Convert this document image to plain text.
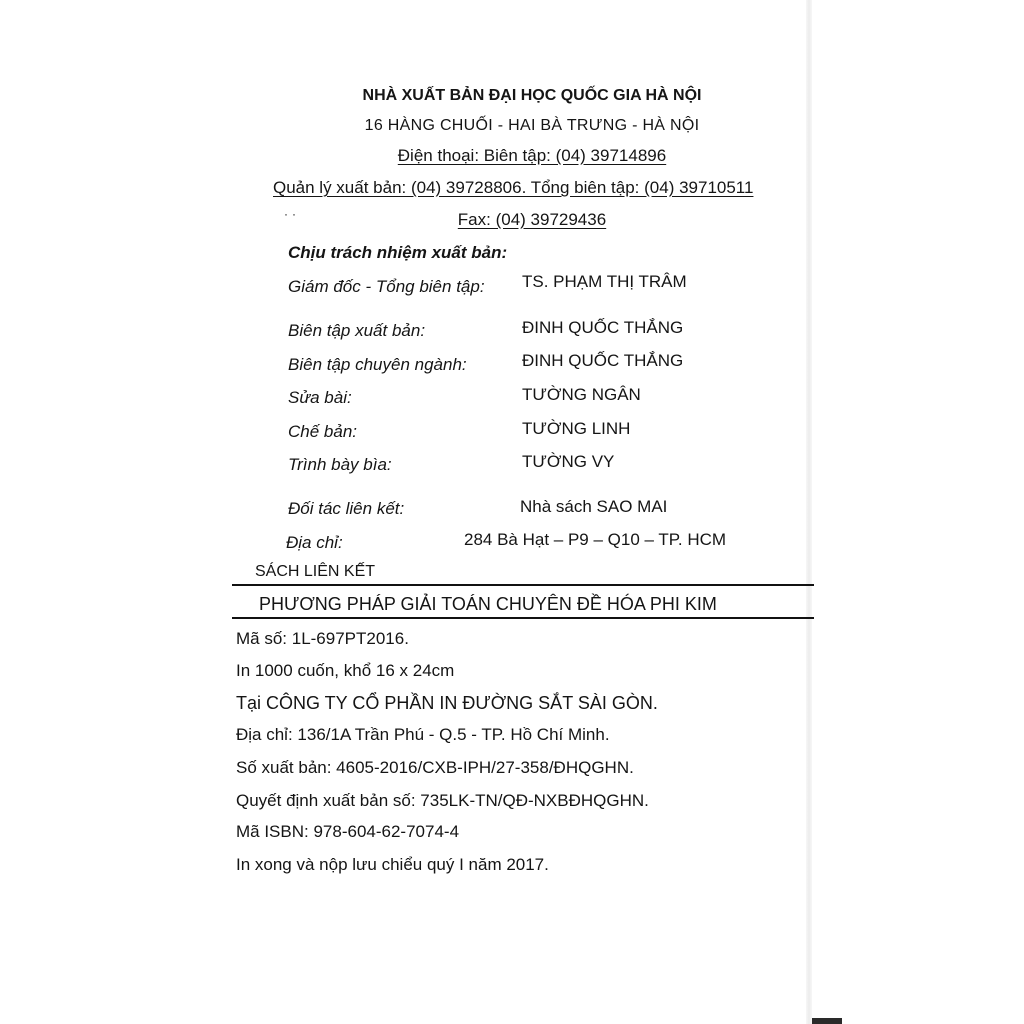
NHÀ XUẤT BẢN ĐẠI HỌC QUỐC GIA HÀ NỘI
16 HÀNG CHUỐI - HAI BÀ TRƯNG - HÀ NỘI
Điện thoại: Biên tập: (04) 39714896
Quản lý xuất bản: (04) 39728806. Tổng biên tập: (04) 39710511
··	Fax: (04) 39729436
Chịu trách nhiệm xuất bản:
Giám đốc - Tổng biên tập: TS. PHẠM THỊ TRÂM
Biên tập xuất bản:	ĐINH QUỐC THẮNG
Biên tập chuyên ngành:	ĐINH QUỐC THẮNG
Sửa bài:	TƯỜNG NGÂN
Chế bản:	TƯỜNG LINH
Trình bày bìa:	TƯỜNG VY
Đối tác liên kết:	Nhà sách SAO MAI
Địa chỉ:	284 Bà Hạt – P9 – Q10 – TP. HCM
SÁCH LIÊN KẾT
PHƯƠNG PHÁP GIẢI TOÁN CHUYÊN ĐỀ HÓA PHI KIM
Mã số: 1L-697PT2016.
In 1000 cuốn, khổ 16 x 24cm
Tại CÔNG TY CỔ PHẦN IN ĐƯỜNG SẮT SÀI GÒN.
Địa chỉ: 136/1A Trần Phú - Q.5 - TP. Hồ Chí Minh.
Số xuất bản: 4605-2016/CXB-IPH/27-358/ĐHQGHN.
Quyết định xuất bản số: 735LK-TN/QĐ-NXBĐHQGHN.
Mã ISBN: 978-604-62-7074-4
In xong và nộp lưu chiểu quý I năm 2017.
